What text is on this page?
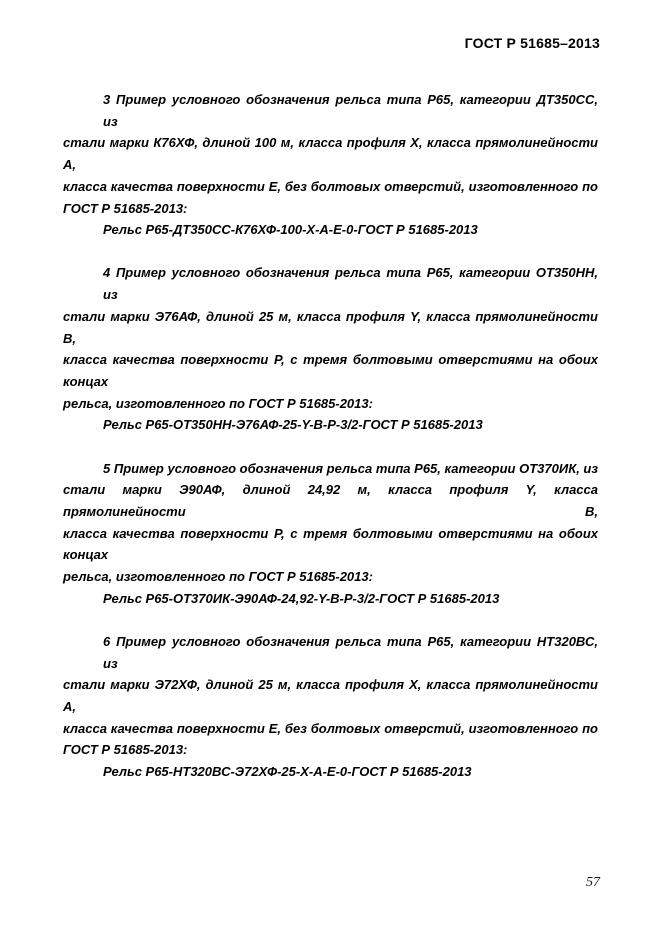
ГОСТ Р 51685–2013
3 Пример условного обозначения рельса типа Р65, категории ДТ350СС, из
стали марки К76ХФ, длиной 100 м, класса профиля X, класса прямолинейности А,
класса качества поверхности Е, без болтовых отверстий, изготовленного по
ГОСТ Р 51685-2013:
Рельс Р65-ДТ350СС-К76ХФ-100-X-А-Е-0-ГОСТ Р 51685-2013
4 Пример условного обозначения рельса типа Р65, категории ОТ350НН, из
стали марки Э76АФ, длиной 25 м, класса профиля Y, класса прямолинейности В,
класса качества поверхности Р, с тремя болтовыми отверстиями на обоих концах
рельса, изготовленного по ГОСТ Р 51685-2013:
Рельс Р65-ОТ350НН-Э76АФ-25-Y-В-Р-3/2-ГОСТ Р 51685-2013
5 Пример условного обозначения рельса типа Р65, категории ОТ370ИК, из
стали марки Э90АФ, длиной 24,92 м, класса профиля Y, класса прямолинейности В,
класса качества поверхности Р, с тремя болтовыми отверстиями на обоих концах
рельса, изготовленного по ГОСТ Р 51685-2013:
Рельс Р65-ОТ370ИК-Э90АФ-24,92-Y-В-Р-3/2-ГОСТ Р 51685-2013
6 Пример условного обозначения рельса типа Р65, категории НТ320ВС, из
стали марки Э72ХФ, длиной 25 м, класса профиля X, класса прямолинейности А,
класса качества поверхности Е, без болтовых отверстий, изготовленного по
ГОСТ Р 51685-2013:
Рельс Р65-НТ320ВС-Э72ХФ-25-X-А-Е-0-ГОСТ Р 51685-2013
57
